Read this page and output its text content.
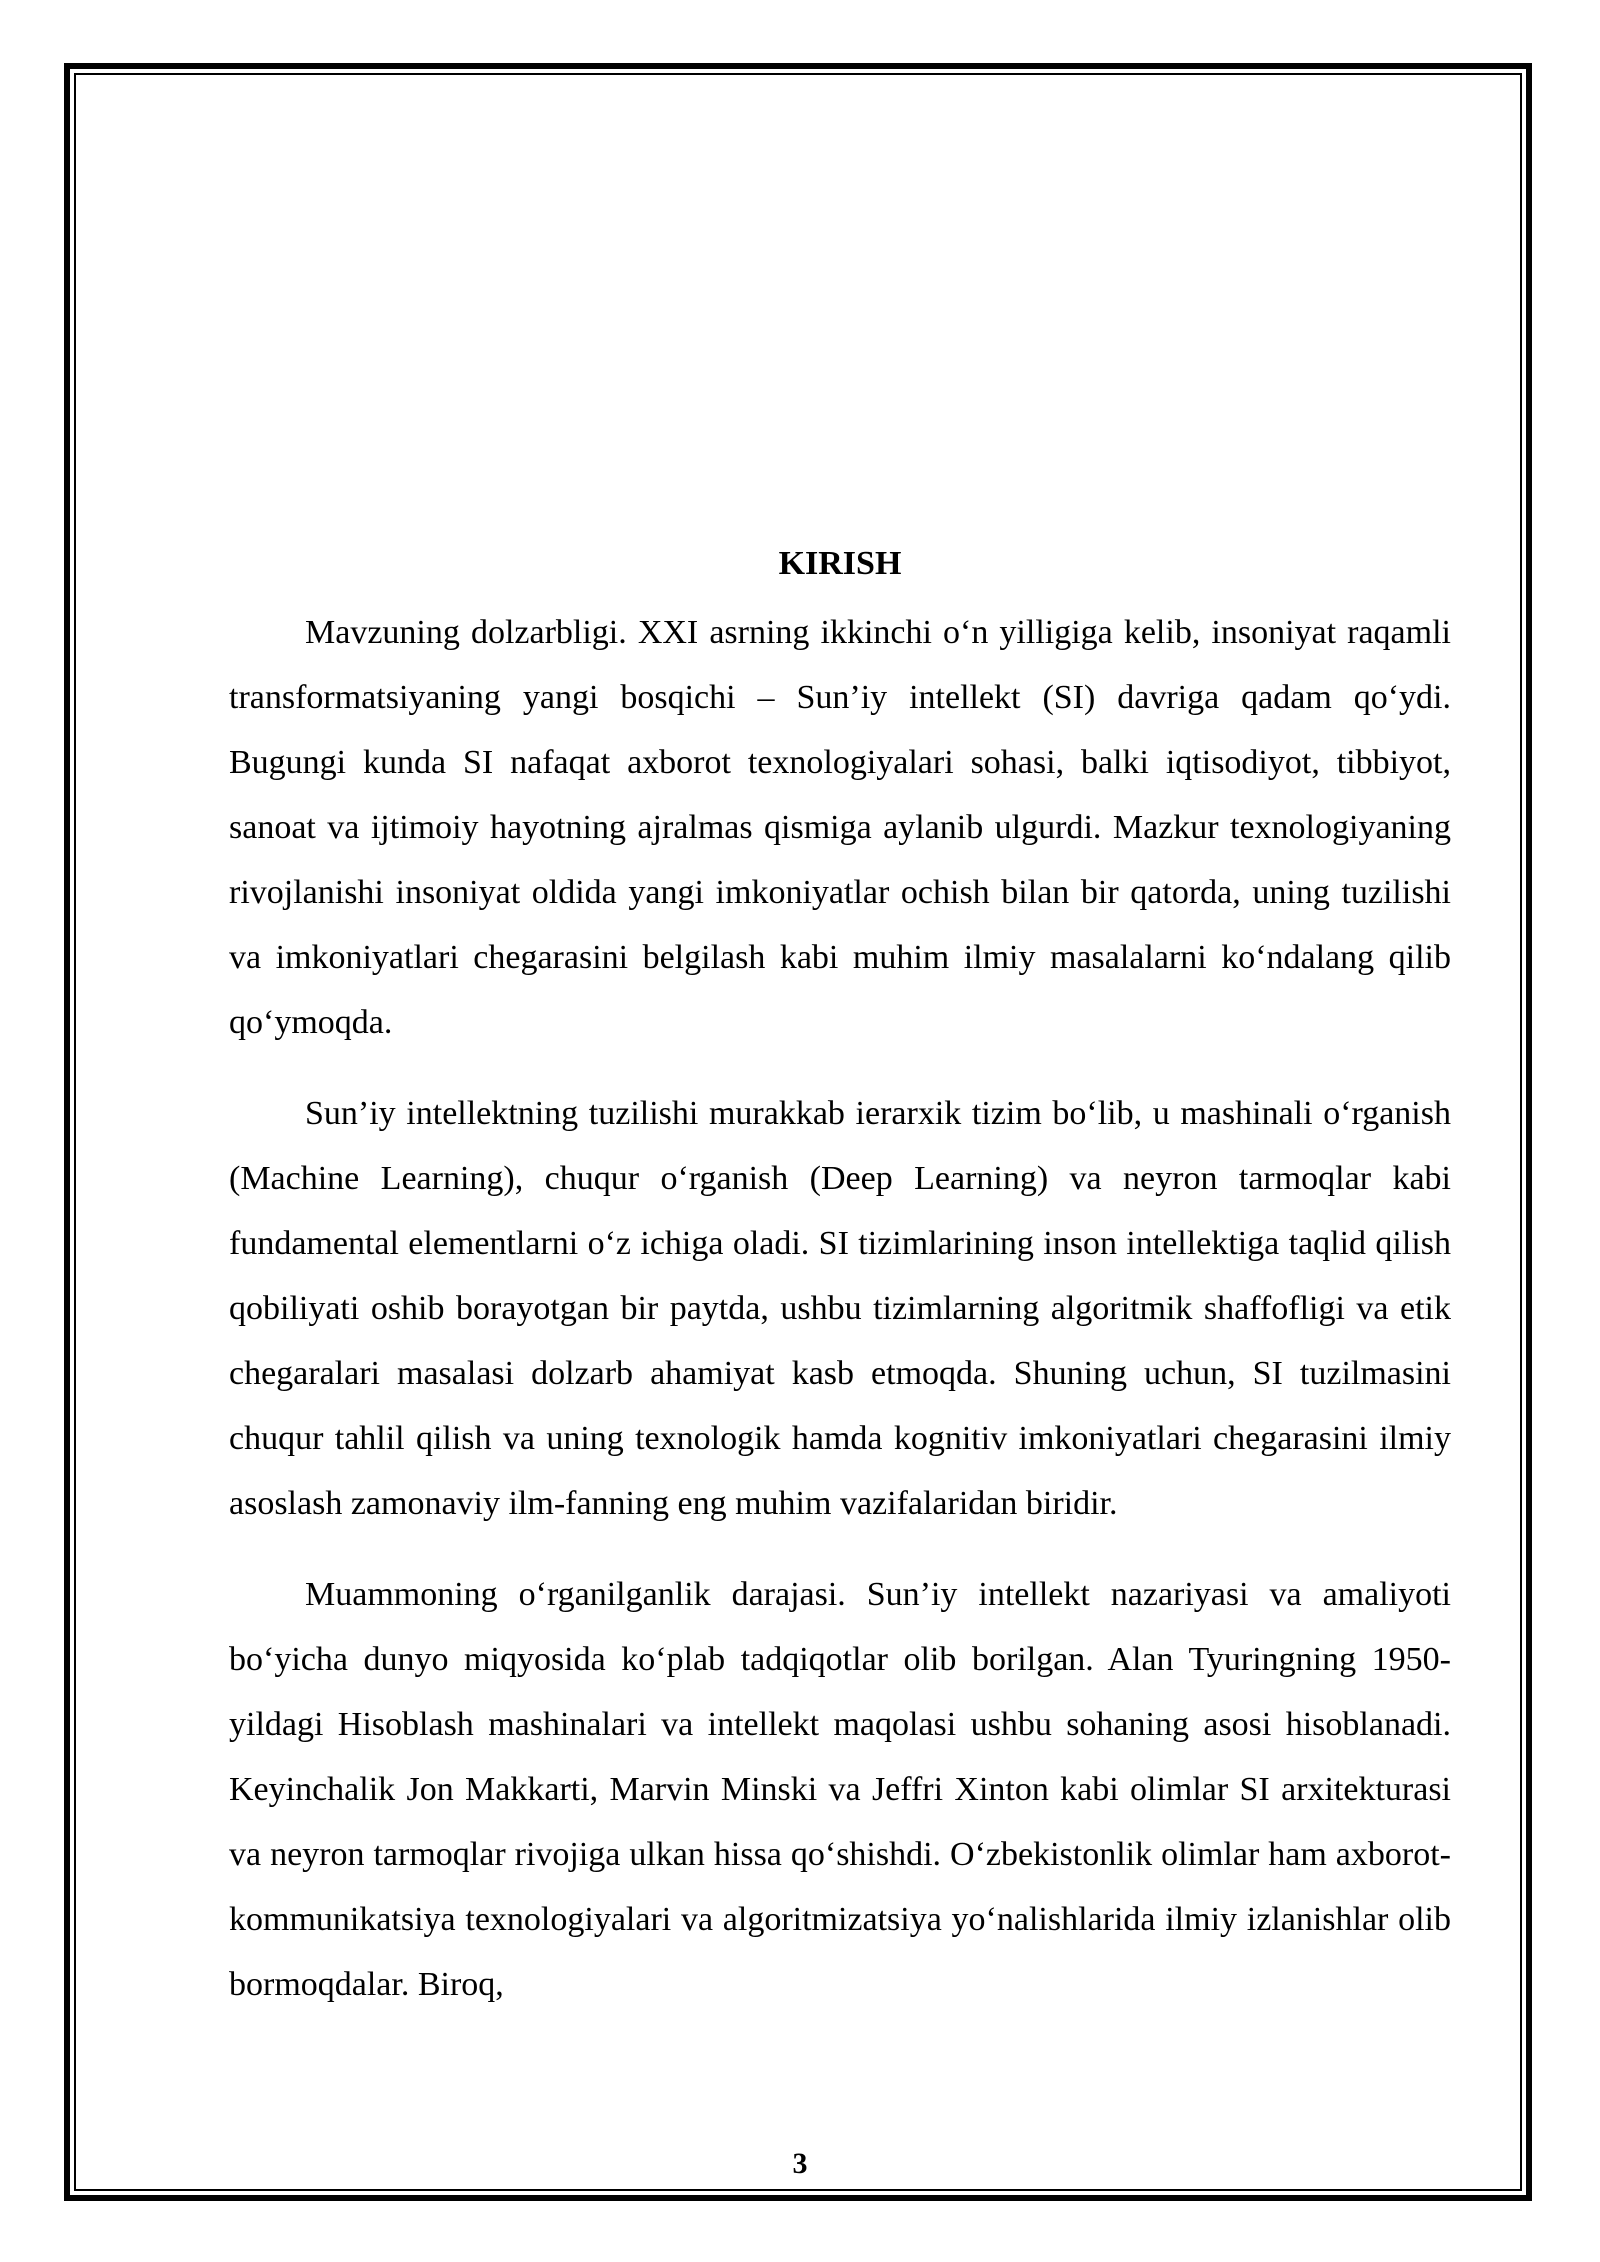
KIRISH

Mavzuning dolzarbligi. XXI asrning ikkinchi o‘n yilligiga kelib, insoniyat raqamli transformatsiyaning yangi bosqichi – Sun’iy intellekt (SI) davriga qadam qo‘ydi. Bugungi kunda SI nafaqat axborot texnologiyalari sohasi, balki iqtisodiyot, tibbiyot, sanoat va ijtimoiy hayotning ajralmas qismiga aylanib ulgurdi. Mazkur texnologiyaning rivojlanishi insoniyat oldida yangi imkoniyatlar ochish bilan bir qatorda, uning tuzilishi va imkoniyatlari chegarasini belgilash kabi muhim ilmiy masalalarni ko‘ndalang qilib qo‘ymoqda.

Sun’iy intellektning tuzilishi murakkab ierarxik tizim bo‘lib, u mashinali o‘rganish (Machine Learning), chuqur o‘rganish (Deep Learning) va neyron tarmoqlar kabi fundamental elementlarni o‘z ichiga oladi. SI tizimlarining inson intellektiga taqlid qilish qobiliyati oshib borayotgan bir paytda, ushbu tizimlarning algoritmik shaffofligi va etik chegaralari masalasi dolzarb ahamiyat kasb etmoqda. Shuning uchun, SI tuzilmasini chuqur tahlil qilish va uning texnologik hamda kognitiv imkoniyatlari chegarasini ilmiy asoslash zamonaviy ilm-fanning eng muhim vazifalaridan biridir.

Muammoning o‘rganilganlik darajasi. Sun’iy intellekt nazariyasi va amaliyoti bo‘yicha dunyo miqyosida ko‘plab tadqiqotlar olib borilgan. Alan Tyuringning 1950-yildagi Hisoblash mashinalari va intellekt maqolasi ushbu sohaning asosi hisoblanadi. Keyinchalik Jon Makkarti, Marvin Minski va Jeffri Xinton kabi olimlar SI arxitekturasi va neyron tarmoqlar rivojiga ulkan hissa qo‘shishdi. O‘zbekistonlik olimlar ham axborot-kommunikatsiya texnologiyalari va algoritmizatsiya yo‘nalishlarida ilmiy izlanishlar olib bormoqdalar. Biroq,

3
